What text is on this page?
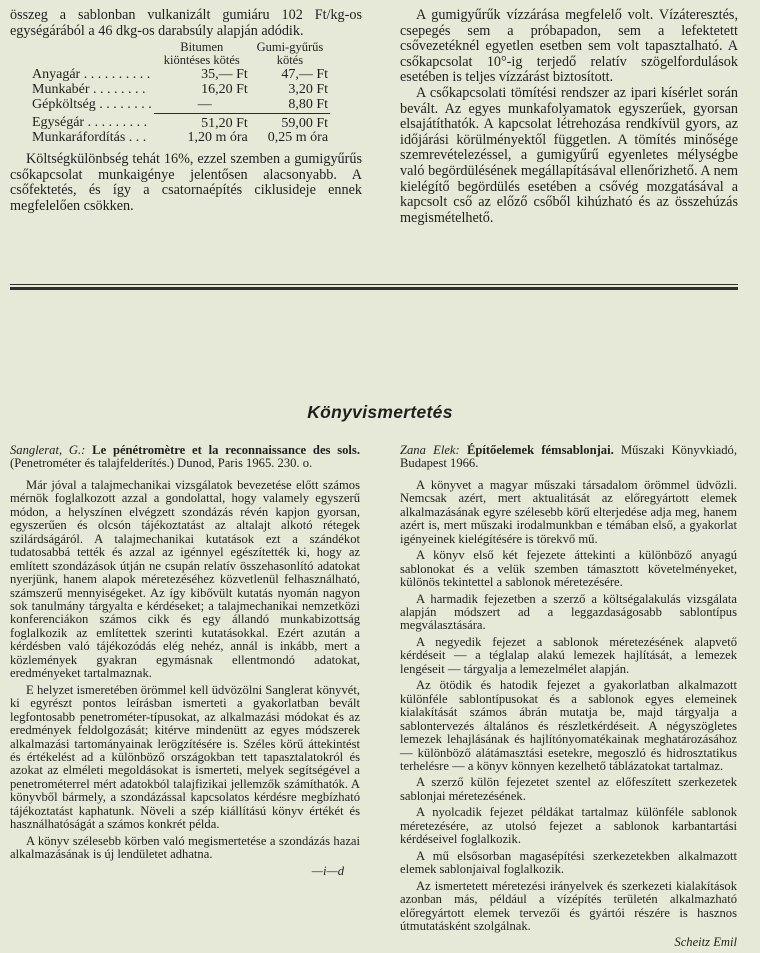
összeg a sablonban vulkanizált gumiáru 102 Ft/kg-os egységárából a 46 dkg-os darabsúly alapján adódik.

	Bitumen kiöntéses kötés	Gumi-gyűrűs kötés
Anyagár . . . . . . . . . .	35,— Ft	47,— Ft
Munkabér . . . . . . . .	16,20 Ft	3,20 Ft
Gépköltség . . . . . . . .	—	8,80 Ft
Egységár . . . . . . . . .	51,20 Ft	59,00 Ft
Munkaráfordítás . . .	1,20 m óra	0,25 m óra

Költségkülönbség tehát 16%, ezzel szemben a gumigyűrűs csőkapcsolat munkaigénye jelentősen alacsonyabb. A csőfektetés, és így a csatornaépítés ciklusideje ennek megfelelően csökken.

A gumigyűrűk vízzárása megfelelő volt. Vízáteresztés, csepegés sem a próbapadon, sem a lefektetett csővezetéknél egyetlen esetben sem volt tapasztalható. A csőkapcsolat 10°-ig terjedő relatív szögelfordulások esetében is teljes vízzárást biztosított.

A csőkapcsolati tömítési rendszer az ipari kísérlet során bevált. Az egyes munkafolyamatok egyszerűek, gyorsan elsajátíthatók. A kapcsolat létrehozása rendkívül gyors, az időjárási körülményektől független. A tömítés minősége szemrevételezéssel, a gumigyűrű egyenletes mélységbe való begördülésének megállapításával ellenőrizhető. A nem kielégítő begördülés esetében a csővég mozgatásával a kapcsolt cső az előző csőből kihúzható és az összehúzás megismételhető.

Könyvismertetés

Sanglerat, G.: Le pénétromètre et la reconnaissance des sols. (Penetrométer és talajfelderítés.) Dunod, Paris 1965. 230. o.

Már jóval a talajmechanikai vizsgálatok bevezetése előtt számos mérnök foglalkozott azzal a gondolattal, hogy valamely egyszerű módon, a helyszínen elvégzett szondázás révén kapjon gyorsan, egyszerűen és olcsón tájékoztatást az altalajt alkotó rétegek szilárdságáról. A talajmechanikai kutatások ezt a szándékot tudatosabbá tették és azzal az igénnyel egészítették ki, hogy az említett szondázások útján ne csupán relatív összehasonlító adatokat nyerjünk, hanem alapok méretezéséhez közvetlenül felhasználható, számszerű mennyiségeket. Az így kibővült kutatás nyomán nagyon sok tanulmány tárgyalta e kérdéseket; a talajmechanikai nemzetközi konferenciákon számos cikk és egy állandó munkabizottság foglalkozik az említettek szerinti kutatásokkal. Ezért azután a kérdésben való tájékozódás elég nehéz, annál is inkább, mert a közlemények gyakran egymásnak ellentmondó adatokat, eredményeket tartalmaznak.

E helyzet ismeretében örömmel kell üdvözölni Sanglerat könyvét, ki egyrészt pontos leírásban ismerteti a gyakorlatban bevált legfontosabb penetrométer-típusokat, az alkalmazási módokat és az eredmények feldolgozását; kitérve mindenütt az egyes módszerek alkalmazási tartományainak lerögzítésére is. Széles körű áttekintést és értékelést ad a különböző országokban tett tapasztalatokról és azokat az elméleti megoldásokat is ismerteti, melyek segítségével a penetrométerrel mért adatokból talajfizikai jellemzők számíthatók. A könyvből bármely, a szondázással kapcsolatos kérdésre megbízható tájékoztatást kaphatunk. Növeli a szép kiállítású könyv értékét és használhatóságát a számos konkrét példa.

A könyv szélesebb körben való megismertetése a szondázás hazai alkalmazásának is új lendületet adhatna.

—i—d

Zana Elek: Építőelemek fémsablonjai. Műszaki Könyvkiadó, Budapest 1966.

A könyvet a magyar műszaki társadalom örömmel üdvözli. Nemcsak azért, mert aktualitását az előregyártott elemek alkalmazásának egyre szélesebb körű elterjedése adja meg, hanem azért is, mert műszaki irodalmunkban e témában első, a gyakorlat igényeinek kielégítésére is törekvő mű.

A könyv első két fejezete áttekinti a különböző anyagú sablonokat és a velük szemben támasztott követelményeket, különös tekintettel a sablonok méretezésére.

A harmadik fejezetben a szerző a költségalakulás vizsgálata alapján módszert ad a leggazdaságosabb sablontípus megválasztására.

A negyedik fejezet a sablonok méretezésének alapvető kérdéseit — a téglalap alakú lemezek hajlítását, a lemezek lengéseit — tárgyalja a lemezelmélet alapján.

Az ötödik és hatodik fejezet a gyakorlatban alkalmazott különféle sablontípusokat és a sablonok egyes elemeinek kialakítását számos ábrán mutatja be, majd tárgyalja a sablontervezés általános és részletkérdéseit. A négyszögletes lemezek lehajlásának és hajlítónyomatékainak meghatározásához — különböző alátámasztási esetekre, megoszló és hidrosztatikus terhelésre — a könyv könnyen kezelhető táblázatokat tartalmaz.

A szerző külön fejezetet szentel az előfeszített szerkezetek sablonjai méretezésének.

A nyolcadik fejezet példákat tartalmaz különféle sablonok méretezésére, az utolsó fejezet a sablonok karbantartási kérdéseivel foglalkozik.

A mű elsősorban magasépítési szerkezetekben alkalmazott elemek sablonjaival foglalkozik.

Az ismertetett méretezési irányelvek és szerkezeti kialakítások azonban más, például a vízépítés területén alkalmazható előregyártott elemek tervezői és gyártói részére is hasznos útmutatásként szolgálnak.

Scheitz Emil
